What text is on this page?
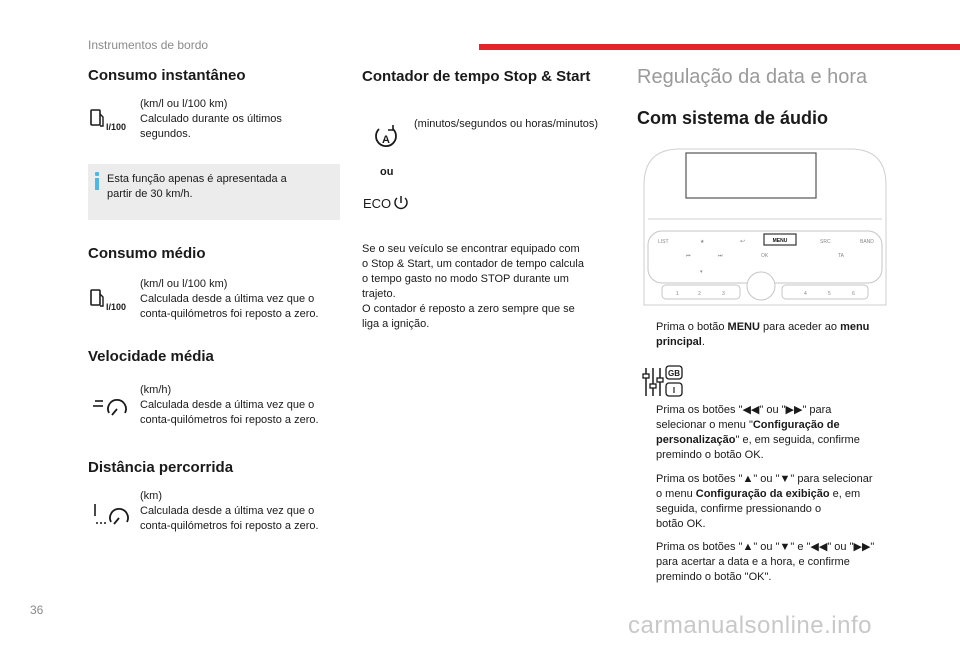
Instrumentos de bordo
Consumo instantâneo
l/100
(km/l ou l/100 km)
Calculado durante os últimos
segundos.
Esta função apenas é apresentada a
partir de 30 km/h.
Consumo médio
l/100
(km/l ou l/100 km)
Calculada desde a última vez que o
conta-quilómetros foi reposto a zero.
Velocidade média
(km/h)
Calculada desde a última vez que o
conta-quilómetros foi reposto a zero.
Distância percorrida
(km)
Calculada desde a última vez que o
conta-quilómetros foi reposto a zero.
Contador de tempo Stop & Start
A
(minutos/segundos ou horas/minutos)
ou
ECO
Se o seu veículo se encontrar equipado com
o Stop & Start, um contador de tempo calcula
o tempo gasto no modo STOP durante um
trajeto.
O contador é reposto a zero sempre que se
liga a ignição.
Regulação da data e hora
Com sistema de áudio
LIST	★	↩	MENU	SRC	BAND
⏮	⏭	OK	TA
▾
1	2	3	4	5	6
Prima o botão MENU para aceder ao menu
principal.
GB
I
Prima os botões "◀◀" ou "▶▶" para
selecionar o menu "Configuração de
personalização" e, em seguida, confirme
premindo o botão OK.
Prima os botões "▲" ou "▼" para selecionar
o menu Configuração da exibição e, em
seguida, confirme pressionando o
botão OK.
Prima os botões "▲" ou "▼" e "◀◀" ou "▶▶"
para acertar a data e a hora, e confirme
premindo o botão "OK".
36
carmanualsonline.info
